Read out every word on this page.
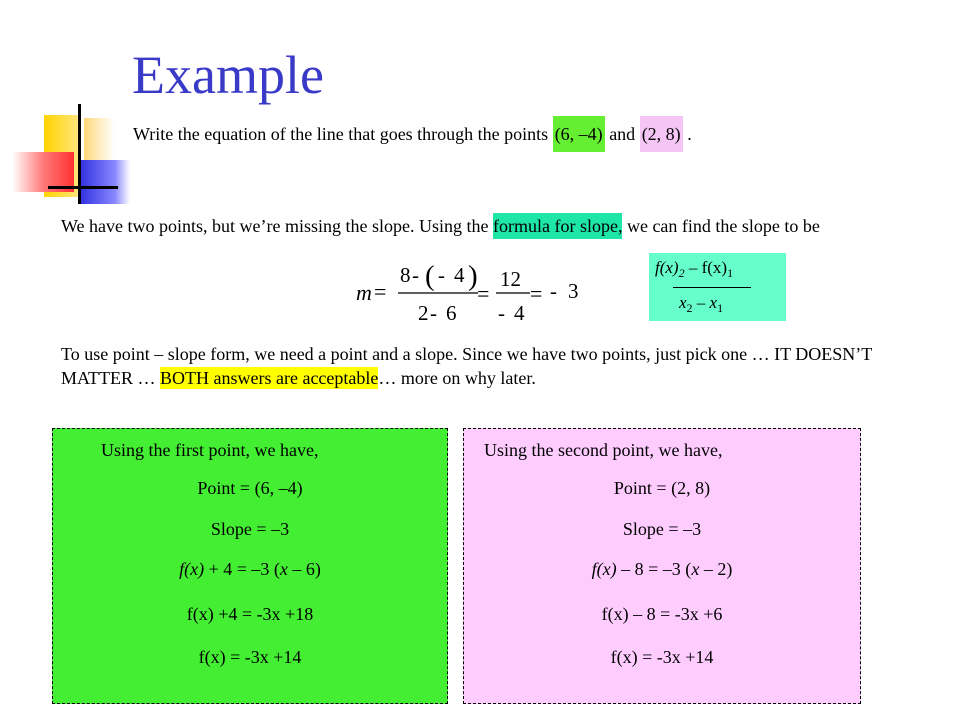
Example
Write the equation of the line that goes through the points (6, –4) and (2, 8) .
We have two points, but we’re missing the slope. Using the formula for slope, we can find the slope to be
$f(x)_2 - f(x)_1$
$x_2 - x_1$
m =
8 - ( - 4 )
2 - 6
=
12
- 4
= - 3
To use point – slope form, we need a point and a slope. Since we have two points, just pick one … IT DOESN’T MATTER … BOTH answers are acceptable… more on why later.
Using the first point, we have,
Point = (6, –4)
Slope = –3
f(x) + 4 = –3 (x – 6)
f(x) +4 = -3x +18
f(x) = -3x +14
Using the second point, we have,
Point = (2, 8)
Slope = –3
f(x) – 8 = –3 (x – 2)
f(x) – 8 = -3x +6
f(x) = -3x +14
